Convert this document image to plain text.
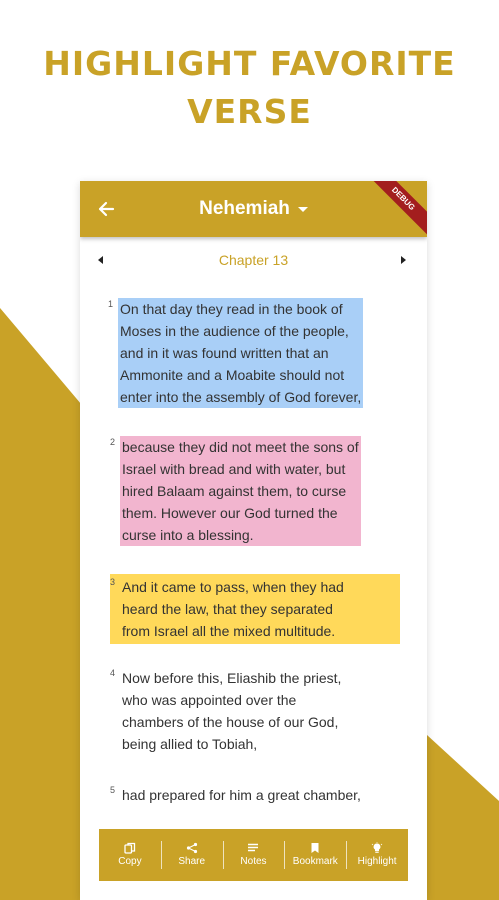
HIGHLIGHT FAVORITE
VERSE
Nehemiah	DEBUG
Chapter 13
1 On that day they read in the book of
Moses in the audience of the people,
and in it was found written that an
Ammonite and a Moabite should not
enter into the assembly of God forever,
2 because they did not meet the sons of
Israel with bread and with water, but
hired Balaam against them, to curse
them. However our God turned the
curse into a blessing.
3 And it came to pass, when they had
heard the law, that they separated
from Israel all the mixed multitude.
4 Now before this, Eliashib the priest,
who was appointed over the
chambers of the house of our God,
being allied to Tobiah,
5 had prepared for him a great chamber,
Copy	Share	Notes	Bookmark Highlight
